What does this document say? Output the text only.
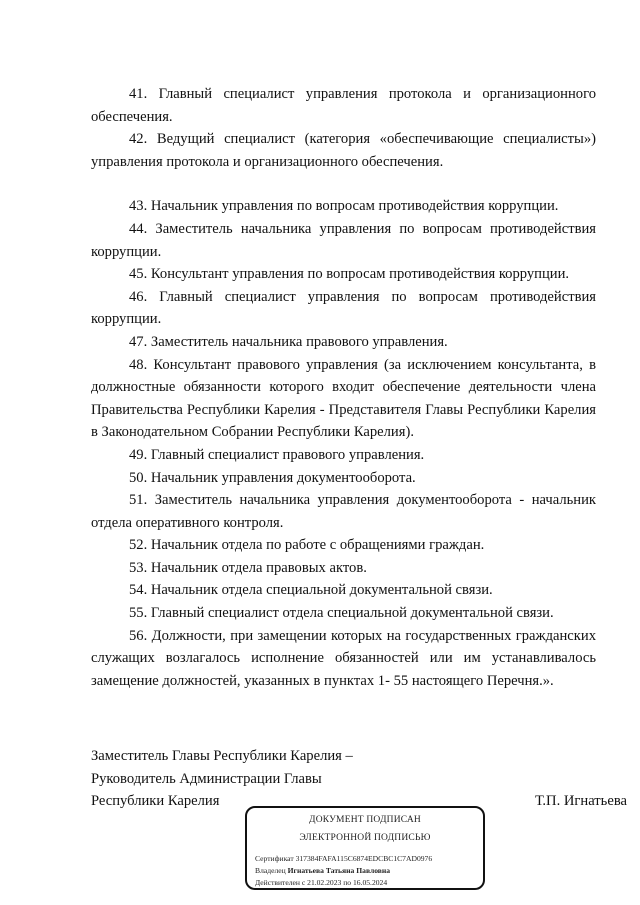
41. Главный специалист управления протокола и организационного обеспечения.

42. Ведущий специалист (категория «обеспечивающие специалисты») управления протокола и организационного обеспечения.

43. Начальник управления по вопросам противодействия коррупции.

44. Заместитель начальника управления по вопросам противодействия коррупции.

45. Консультант управления по вопросам противодействия коррупции.

46. Главный специалист управления по вопросам противодействия коррупции.

47. Заместитель начальника правового управления.

48. Консультант правового управления (за исключением консультанта, в должностные обязанности которого входит обеспечение деятельности члена Правительства Республики Карелия - Представителя Главы Республики Карелия в Законодательном Собрании Республики Карелия).

49. Главный специалист правового управления.

50. Начальник управления документооборота.

51. Заместитель начальника управления документооборота - начальник отдела оперативного контроля.

52. Начальник отдела по работе с обращениями граждан.

53. Начальник отдела правовых актов.

54. Начальник отдела специальной документальной связи.

55. Главный специалист отдела специальной документальной связи.

56. Должности, при замещении которых на государственных гражданских служащих возлагалось исполнение обязанностей или им устанавливалось замещение должностей, указанных в пунктах 1- 55 настоящего Перечня.».

Заместитель Главы Республики Карелия –

Руководитель Администрации Главы

Республики Карелия	Т.П. Игнатьева
ДОКУМЕНТ ПОДПИСАН
ЭЛЕКТРОННОЙ ПОДПИСЬЮ
Сертификат 317384FAFA115C6874EDCBC1C7AD0976
Владелец Игнатьева Татьяна Павловна
Действителен с 21.02.2023 по 16.05.2024
